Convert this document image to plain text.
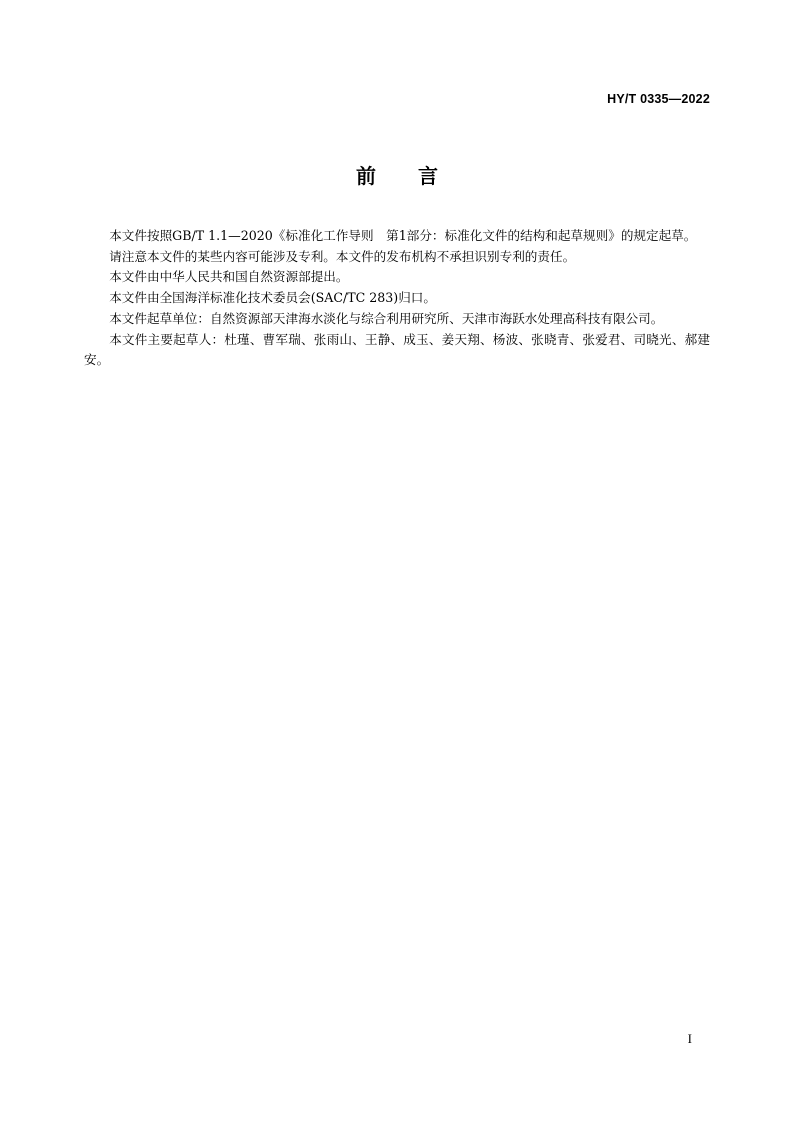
HY/T 0335—2022
前 言

本文件按照GB/T 1.1—2020《标准化工作导则　第1部分：标准化文件的结构和起草规则》的规定起草。

请注意本文件的某些内容可能涉及专利。本文件的发布机构不承担识别专利的责任。

本文件由中华人民共和国自然资源部提出。

本文件由全国海洋标准化技术委员会(SAC/TC 283)归口。

本文件起草单位：自然资源部天津海水淡化与综合利用研究所、天津市海跃水处理高科技有限公司。

本文件主要起草人：杜瑾、曹军瑞、张雨山、王静、成玉、姜天翔、杨波、张晓青、张爱君、司晓光、郝建安。

I
